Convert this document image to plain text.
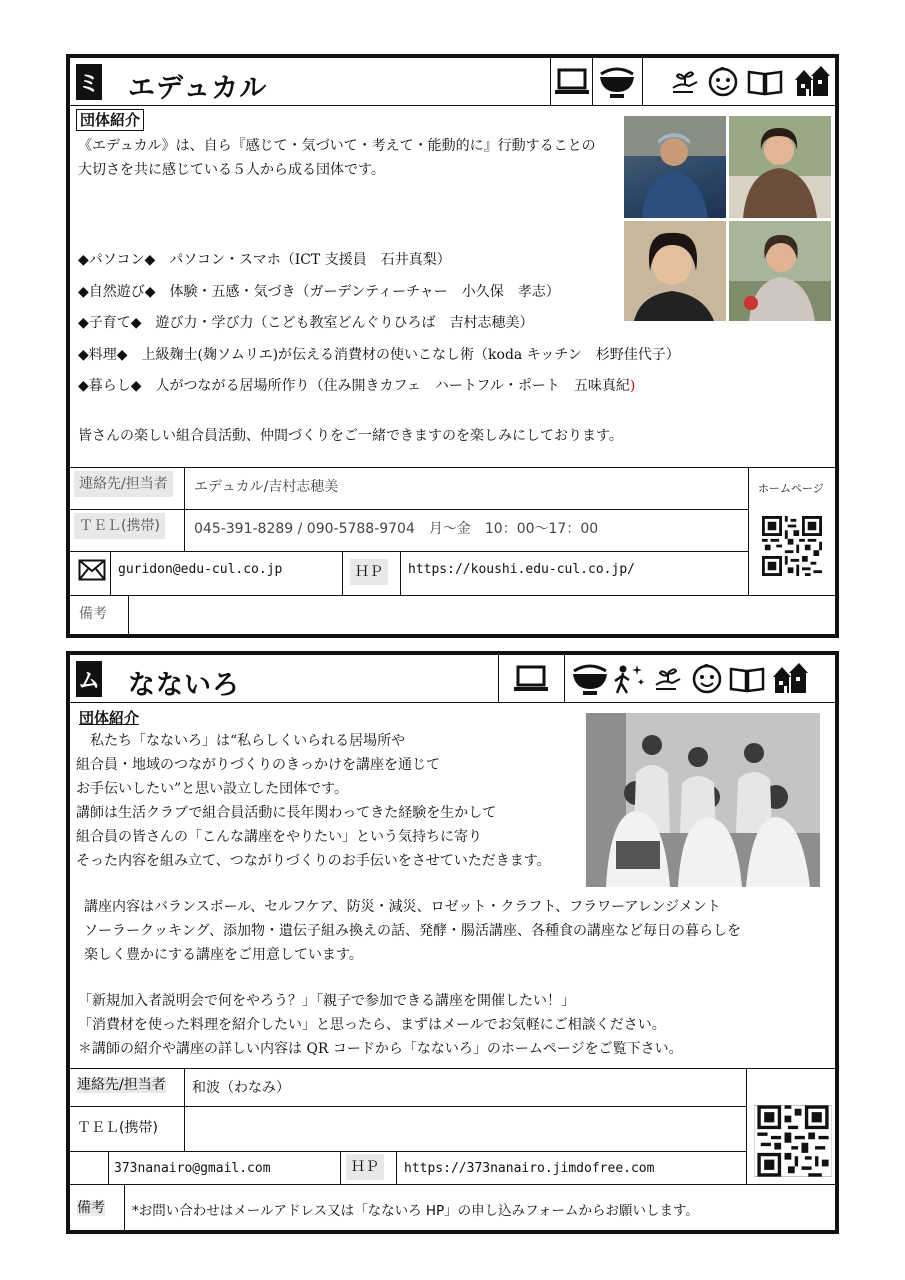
ミ エデュカル
団体紹介
《エデュカル》は、自ら『感じて・気づいて・考えて・能動的に』行動することの
大切さを共に感じている５人から成る団体です。
◆パソコン◆　パソコン・スマホ（ICT 支援員　石井真梨）
◆自然遊び◆　体験・五感・気づき（ガーデンティーチャー　小久保　孝志）
◆子育て◆　遊び力・学び力（こども教室どんぐりひろば　吉村志穂美）
◆料理◆　上級麹士(麹ソムリエ)が伝える消費材の使いこなし術（koda キッチン　杉野佳代子）
◆暮らし◆　人がつながる居場所作り（住み開きカフェ　ハートフル・ポート　五味真紀)
皆さんの楽しい組合員活動、仲間づくりをご一緒できますのを楽しみにしております。
連絡先/担当者	エデュカル/吉村志穂美	ホームページ
ＴＥＬ(携帯)	045-391-8289 / 090-5788-9704　月～金　10：00～17：00
guridon@edu-cul.co.jp	ＨＰ	https://koushi.edu-cul.co.jp/
備考
ム なないろ
団体紹介
　私たち「なないろ」は“私らしくいられる居場所や
組合員・地域のつながりづくりのきっかけを講座を通じて
お手伝いしたい”と思い設立した団体です。
講師は生活クラブで組合員活動に長年関わってきた経験を生かして
組合員の皆さんの「こんな講座をやりたい」という気持ちに寄り
そった内容を組み立て、つながりづくりのお手伝いをさせていただきます。
講座内容はバランスボール、セルフケア、防災・減災、ロゼット・クラフト、フラワーアレンジメント
ソーラークッキング、添加物・遺伝子組み換えの話、発酵・腸活講座、各種食の講座など毎日の暮らしを
楽しく豊かにする講座をご用意しています。
「新規加入者説明会で何をやろう？」「親子で参加できる講座を開催したい！」
「消費材を使った料理を紹介したい」と思ったら、まずはメールでお気軽にご相談ください。
＊講師の紹介や講座の詳しい内容は QR コードから「なないろ」のホームページをご覧下さい。
連絡先/担当者	和波（わなみ）
ＴＥＬ(携帯)
373nanairo@gmail.com	ＨＰ	https://373nanairo.jimdofree.com
備考	*お問い合わせはメールアドレス又は「なないろ HP」の申し込みフォームからお願いします。
